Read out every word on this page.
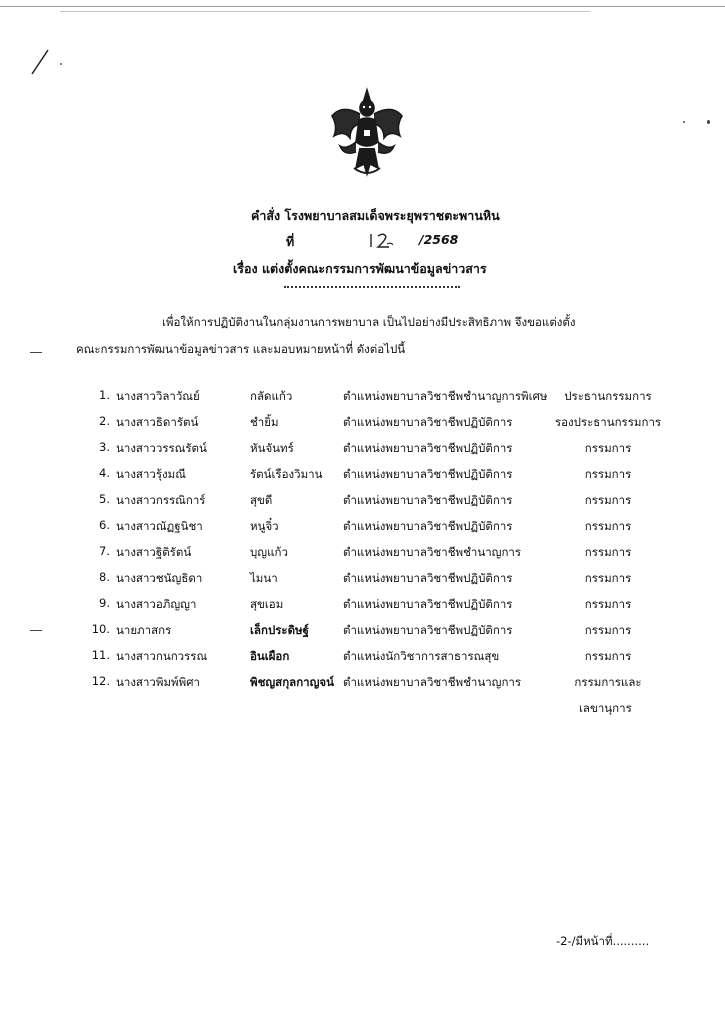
คำสั่ง โรงพยาบาลสมเด็จพระยุพราชตะพานหิน
ที่	/2568
เรื่อง แต่งตั้งคณะกรรมการพัฒนาข้อมูลข่าวสาร
เพื่อให้การปฏิบัติงานในกลุ่มงานการพยาบาล เป็นไปอย่างมีประสิทธิภาพ จึงขอแต่งตั้ง
คณะกรรมการพัฒนาข้อมูลข่าวสาร และมอบหมายหน้าที่ ดังต่อไปนี้
1. นางสาววิลาวัณย์	กลัดแก้ว	ตำแหน่งพยาบาลวิชาชีพชำนาญการพิเศษ	ประธานกรรมการ
2. นางสาวธิดารัตน์	ชำยิ้ม	ตำแหน่งพยาบาลวิชาชีพปฏิบัติการ	รองประธานกรรมการ
3. นางสาววรรณรัตน์	หันจันทร์	ตำแหน่งพยาบาลวิชาชีพปฏิบัติการ	กรรมการ
4. นางสาวรุ้งมณี	รัตน์เรืองวิมาน ตำแหน่งพยาบาลวิชาชีพปฏิบัติการ	กรรมการ
5. นางสาวกรรณิการ์	สุขดี	ตำแหน่งพยาบาลวิชาชีพปฏิบัติการ	กรรมการ
6. นางสาวณัฏฐนิชา	หนูจิ๋ว	ตำแหน่งพยาบาลวิชาชีพปฏิบัติการ	กรรมการ
7. นางสาวฐิติรัตน์	บุญแก้ว	ตำแหน่งพยาบาลวิชาชีพชำนาญการ	กรรมการ
8. นางสาวชนัญธิดา	ไมนา	ตำแหน่งพยาบาลวิชาชีพปฏิบัติการ	กรรมการ
9. นางสาวอภิญญา	สุขเอม	ตำแหน่งพยาบาลวิชาชีพปฏิบัติการ	กรรมการ
10. นายภาสกร	เล็กประดิษฐ์	ตำแหน่งพยาบาลวิชาชีพปฏิบัติการ	กรรมการ
11. นางสาวกนกวรรณ	อินเผือก	ตำแหน่งนักวิชาการสาธารณสุข	กรรมการ
12. นางสาวพิมพ์พิศา	พิชญสกุลกาญจน์ ตำแหน่งพยาบาลวิชาชีพชำนาญการ	กรรมการและ
เลขานุการ
-2-/มีหน้าที่..........
